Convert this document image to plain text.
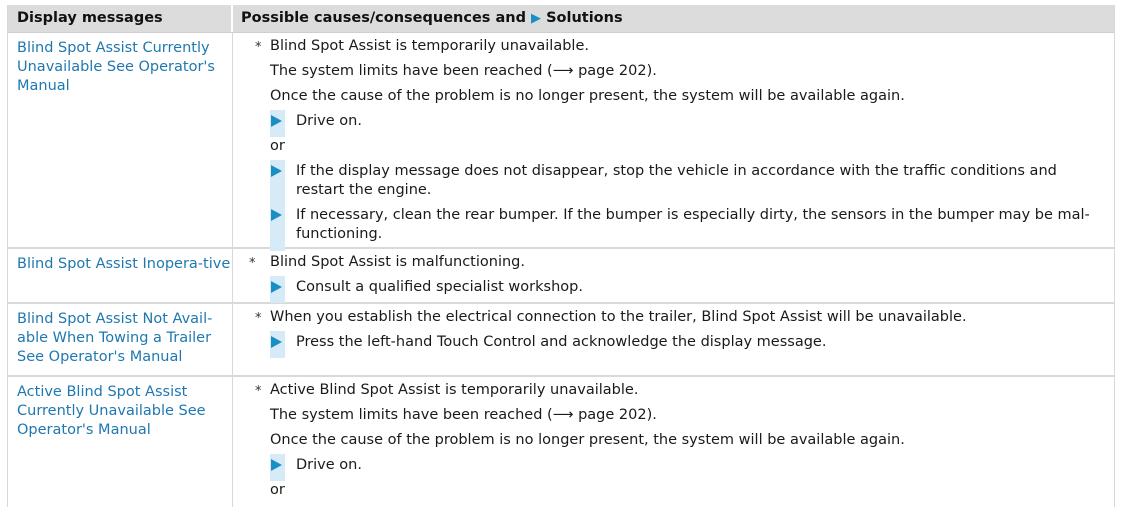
Display messages	Possible causes/consequences and ▶ Solutions
Blind Spot Assist Currently Unavailable See Operator's Manual
* Blind Spot Assist is temporarily unavailable.
The system limits have been reached (⟶ page 202).
Once the cause of the problem is no longer present, the system will be available again.
Drive on.
or
If the display message does not disappear, stop the vehicle in accordance with the traffic conditions and restart the engine.
If necessary, clean the rear bumper. If the bumper is especially dirty, the sensors in the bumper may be mal-functioning.
Blind Spot Assist Inopera-tive * Blind Spot Assist is malfunctioning.
Consult a qualified specialist workshop.
Blind Spot Assist Not Avail-able When Towing a Trailer See Operator's Manual
* When you establish the electrical connection to the trailer, Blind Spot Assist will be unavailable.
Press the left-hand Touch Control and acknowledge the display message.
Active Blind Spot Assist Currently Unavailable See Operator's Manual
* Active Blind Spot Assist is temporarily unavailable.
The system limits have been reached (⟶ page 202).
Once the cause of the problem is no longer present, the system will be available again.
Drive on.
or
